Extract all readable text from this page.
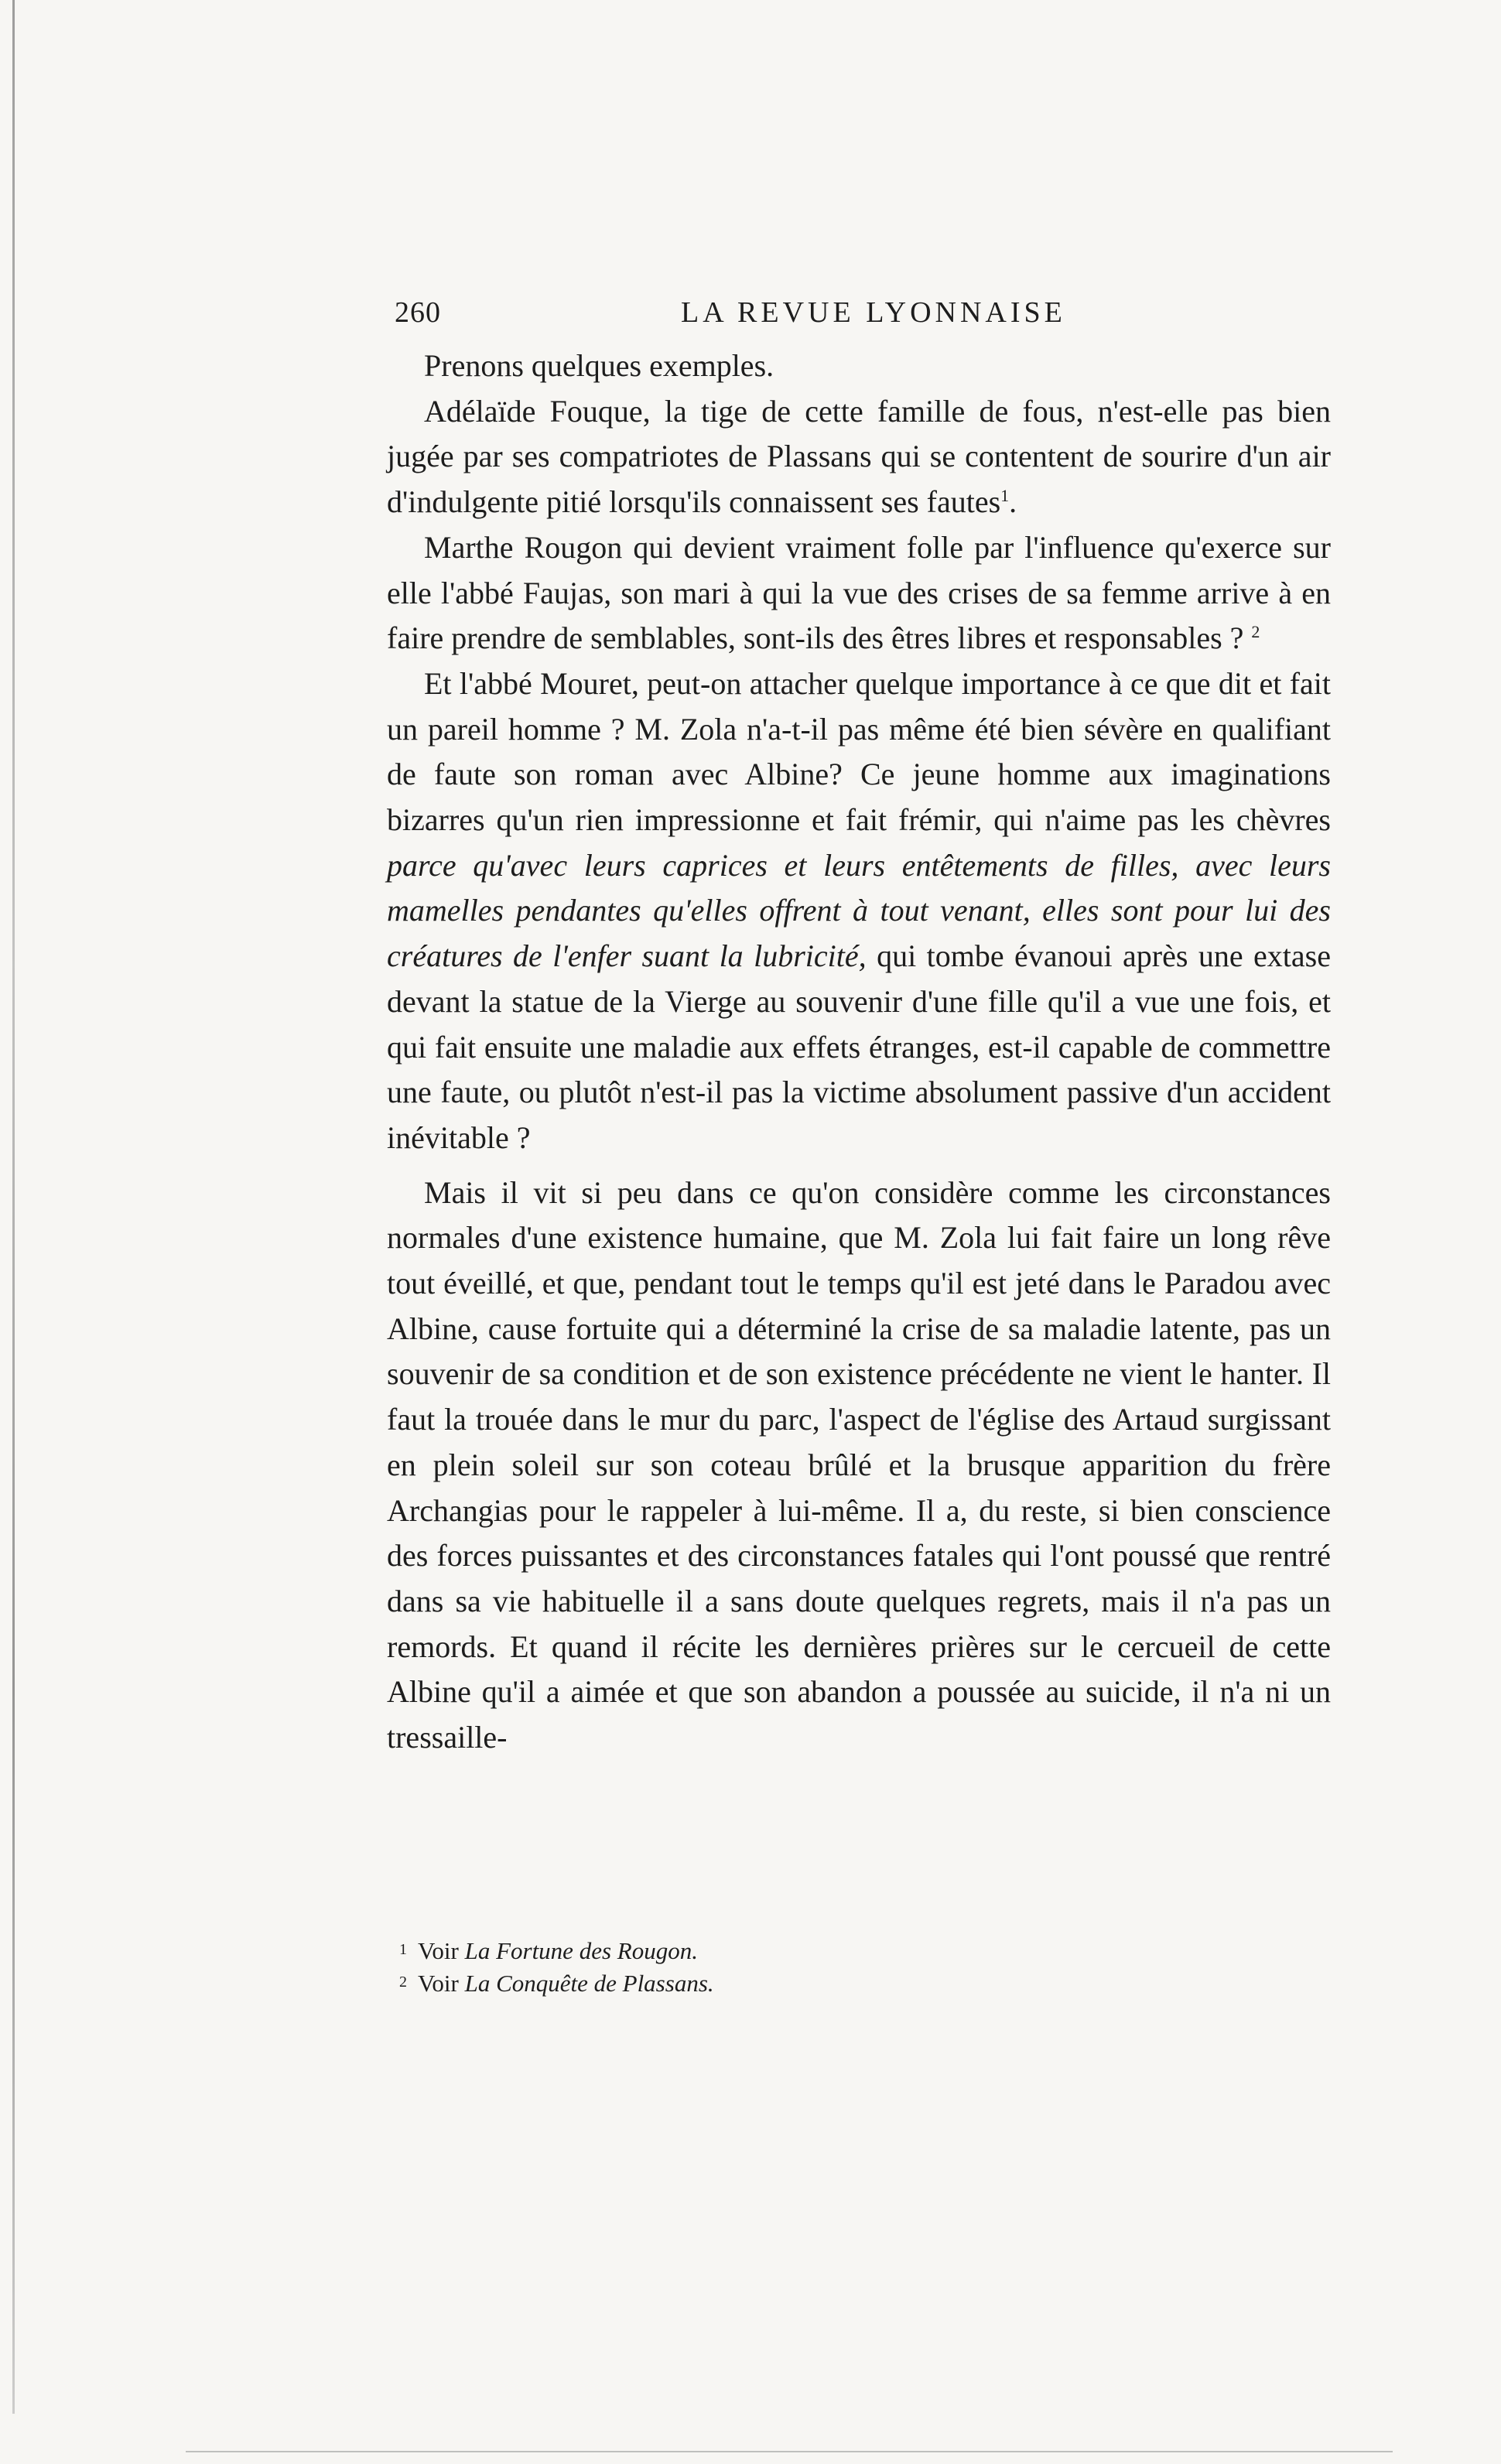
260	LA REVUE LYONNAISE

Prenons quelques exemples.

Adélaïde Fouque, la tige de cette famille de fous, n'est-elle pas bien jugée par ses compatriotes de Plassans qui se contentent de sourire d'un air d'indulgente pitié lorsqu'ils connaissent ses fautes$^1$.

Marthe Rougon qui devient vraiment folle par l'influence qu'exerce sur elle l'abbé Faujas, son mari à qui la vue des crises de sa femme arrive à en faire prendre de semblables, sont-ils des êtres libres et responsables ? $^2$

Et l'abbé Mouret, peut-on attacher quelque importance à ce que dit et fait un pareil homme ? M. Zola n'a-t-il pas même été bien sévère en qualifiant de faute son roman avec Albine? Ce jeune homme aux imaginations bizarres qu'un rien impressionne et fait frémir, qui n'aime pas les chèvres parce qu'avec leurs caprices et leurs entêtements de filles, avec leurs mamelles pendantes qu'elles offrent à tout venant, elles sont pour lui des créatures de l'enfer suant la lubricité, qui tombe évanoui après une extase devant la statue de la Vierge au souvenir d'une fille qu'il a vue une fois, et qui fait ensuite une maladie aux effets étranges, est-il capable de commettre une faute, ou plutôt n'est-il pas la victime absolument passive d'un accident inévitable ?

Mais il vit si peu dans ce qu'on considère comme les circonstances normales d'une existence humaine, que M. Zola lui fait faire un long rêve tout éveillé, et que, pendant tout le temps qu'il est jeté dans le Paradou avec Albine, cause fortuite qui a déterminé la crise de sa maladie latente, pas un souvenir de sa condition et de son existence précédente ne vient le hanter. Il faut la trouée dans le mur du parc, l'aspect de l'église des Artaud surgissant en plein soleil sur son coteau brûlé et la brusque apparition du frère Archangias pour le rappeler à lui-même. Il a, du reste, si bien conscience des forces puissantes et des circonstances fatales qui l'ont poussé que rentré dans sa vie habituelle il a sans doute quelques regrets, mais il n'a pas un remords. Et quand il récite les dernières prières sur le cercueil de cette Albine qu'il a aimée et que son abandon a poussée au suicide, il n'a ni un tressaille-

1 Voir La Fortune des Rougon.

2 Voir La Conquête de Plassans.
